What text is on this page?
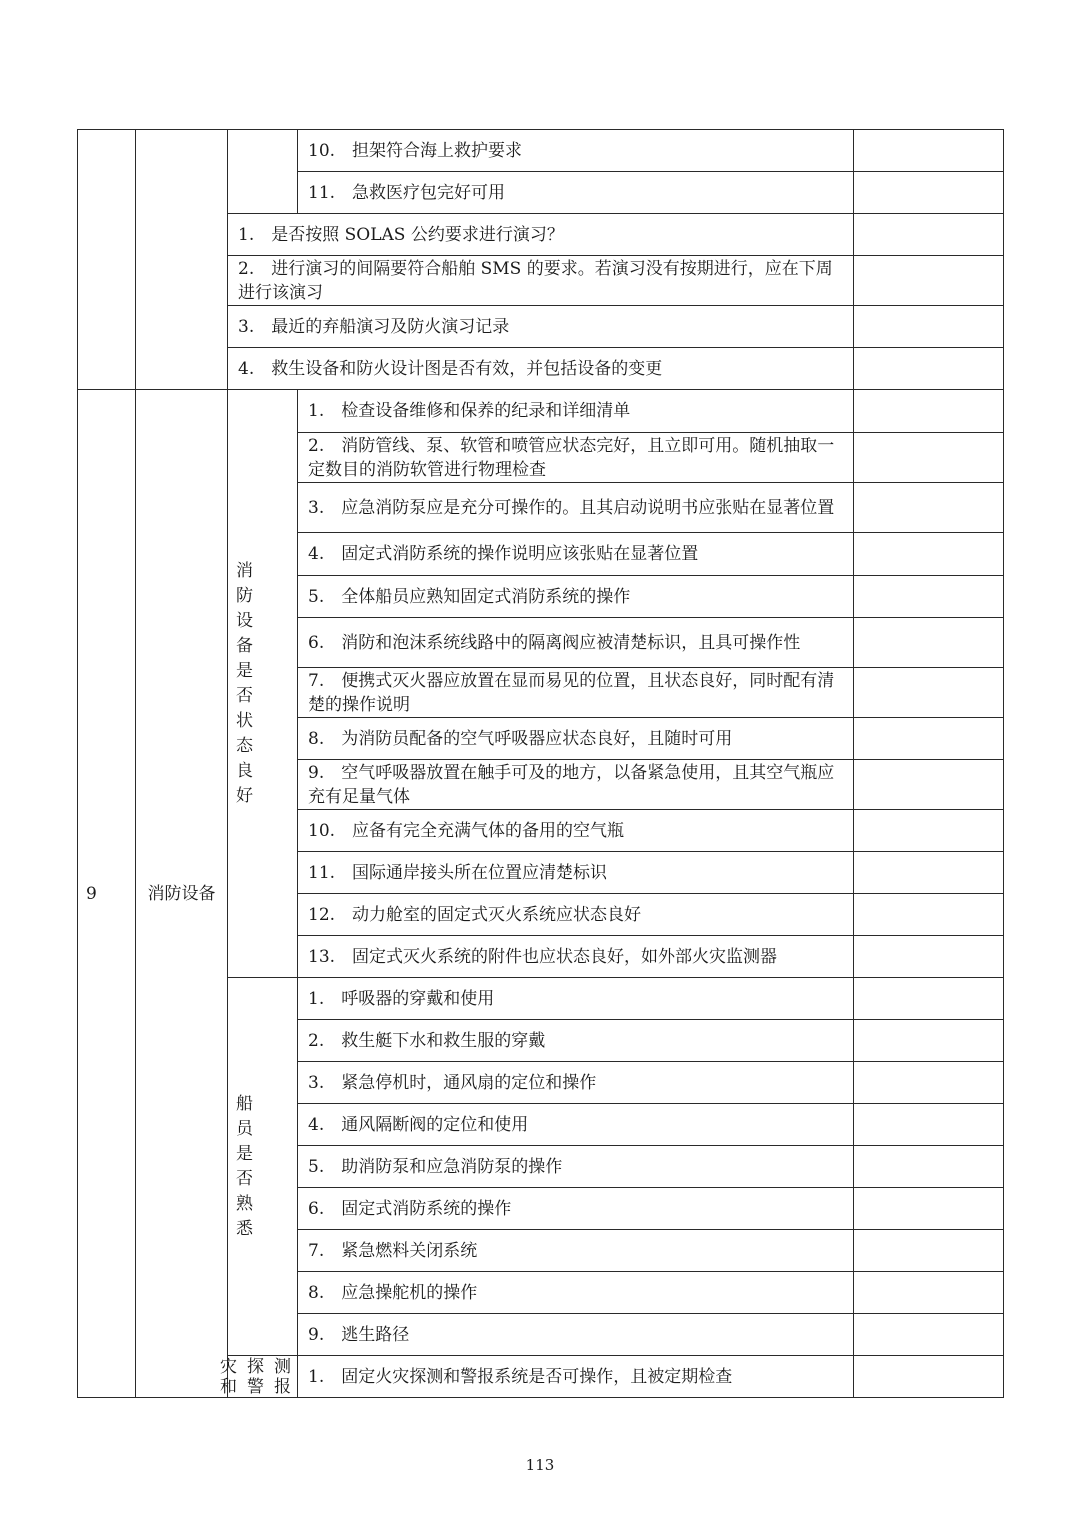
			10.　担架符合海上救护要求	
			11.　急救医疗包完好可用	
		1.　是否按照 SOLAS 公约要求进行演习？		
		2.　进行演习的间隔要符合船舶 SMS 的要求。若演习没有按期进行，应在下周进行该演习		
		3.　最近的弃船演习及防火演习记录		
		4.　救生设备和防火设计图是否有效，并包括设备的变更		
9	消防设备	消防设备是否状态良好	1.　检查设备维修和保养的纪录和详细清单	
			2.　消防管线、泵、软管和喷管应状态完好，且立即可用。随机抽取一定数目的消防软管进行物理检查	
			3.　应急消防泵应是充分可操作的。且其启动说明书应张贴在显著位置	
			4.　固定式消防系统的操作说明应该张贴在显著位置	
			5.　全体船员应熟知固定式消防系统的操作	
			6.　消防和泡沫系统线路中的隔离阀应被清楚标识，且具可操作性	
			7.　便携式灭火器应放置在显而易见的位置，且状态良好，同时配有清楚的操作说明	
			8.　为消防员配备的空气呼吸器应状态良好，且随时可用	
			9.　空气呼吸器放置在触手可及的地方，以备紧急使用，且其空气瓶应充有足量气体	
			10.　应备有完全充满气体的备用的空气瓶	
			11.　国际通岸接头所在位置应清楚标识	
			12.　动力舱室的固定式灭火系统应状态良好	
			13.　固定式灭火系统的附件也应状态良好，如外部火灾监测器	

		船员是否熟悉	1.　呼吸器的穿戴和使用	
			2.　救生艇下水和救生服的穿戴	
			3.　紧急停机时，通风扇的定位和操作	
			4.　通风隔断阀的定位和使用	
			5.　助消防泵和应急消防泵的操作	
			6.　固定式消防系统的操作	
			7.　紧急燃料关闭系统	
			8.　应急操舵机的操作	
			9.　逃生路径	

		灾探测和警报	1.　固定火灾探测和警报系统是否可操作，且被定期检查	
113
